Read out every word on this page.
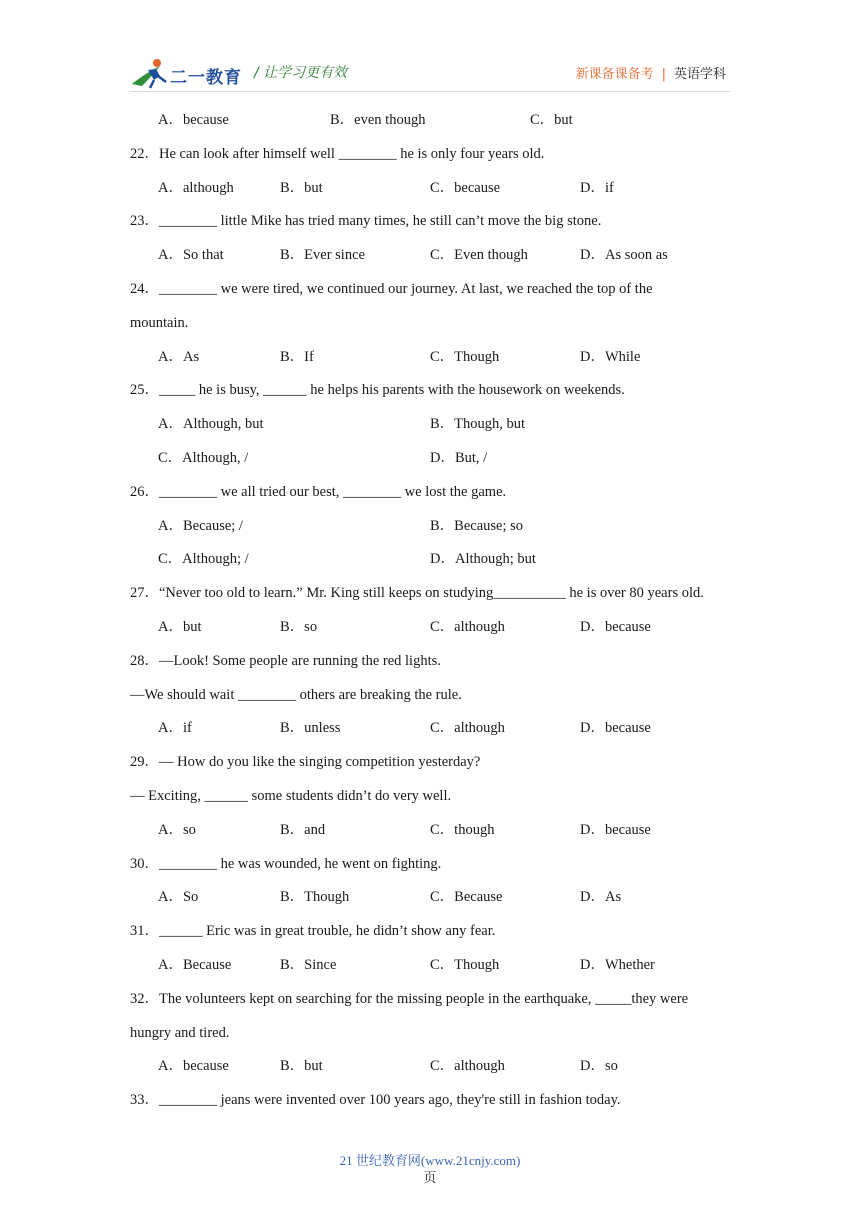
二一教育 / 让学习更有效	新课备课备考 | 英语学科
A．because	B．even though	C．but
22．He can look after himself well ________ he is only four years old.
A．although	B．but	C．because	D．if
23．________ little Mike has tried many times, he still can’t move the big stone.
A．So that	B．Ever since	C．Even though	D．As soon as
24．________ we were tired, we continued our journey. At last, we reached the top of the
mountain.
A．As	B．If	C．Though	D．While
25．_____ he is busy, ______ he helps his parents with the housework on weekends.
A．Although, but	B．Though, but
C．Although, /	D．But, /
26．________ we all tried our best, ________ we lost the game.
A．Because; /	B．Because; so
C．Although; /	D．Although; but
27．“Never too old to learn.” Mr. King still keeps on studying__________ he is over 80 years old.
A．but	B．so	C．although	D．because
28．—Look! Some people are running the red lights.
—We should wait ________ others are breaking the rule.
A．if	B．unless	C．although	D．because
29．— How do you like the singing competition yesterday?
— Exciting, ______ some students didn’t do very well.
A．so	B．and	C．though	D．because
30．________ he was wounded, he went on fighting.
A．So	B．Though	C．Because	D．As
31．______ Eric was in great trouble, he didn’t show any fear.
A．Because	B．Since	C．Though	D．Whether
32．The volunteers kept on searching for the missing people in the earthquake, _____they were
hungry and tired.
A．because	B．but	C．although	D．so
33．________ jeans were invented over 100 years ago, they're still in fashion today.
21 世纪教育网(www.21cnjy.com)
页
